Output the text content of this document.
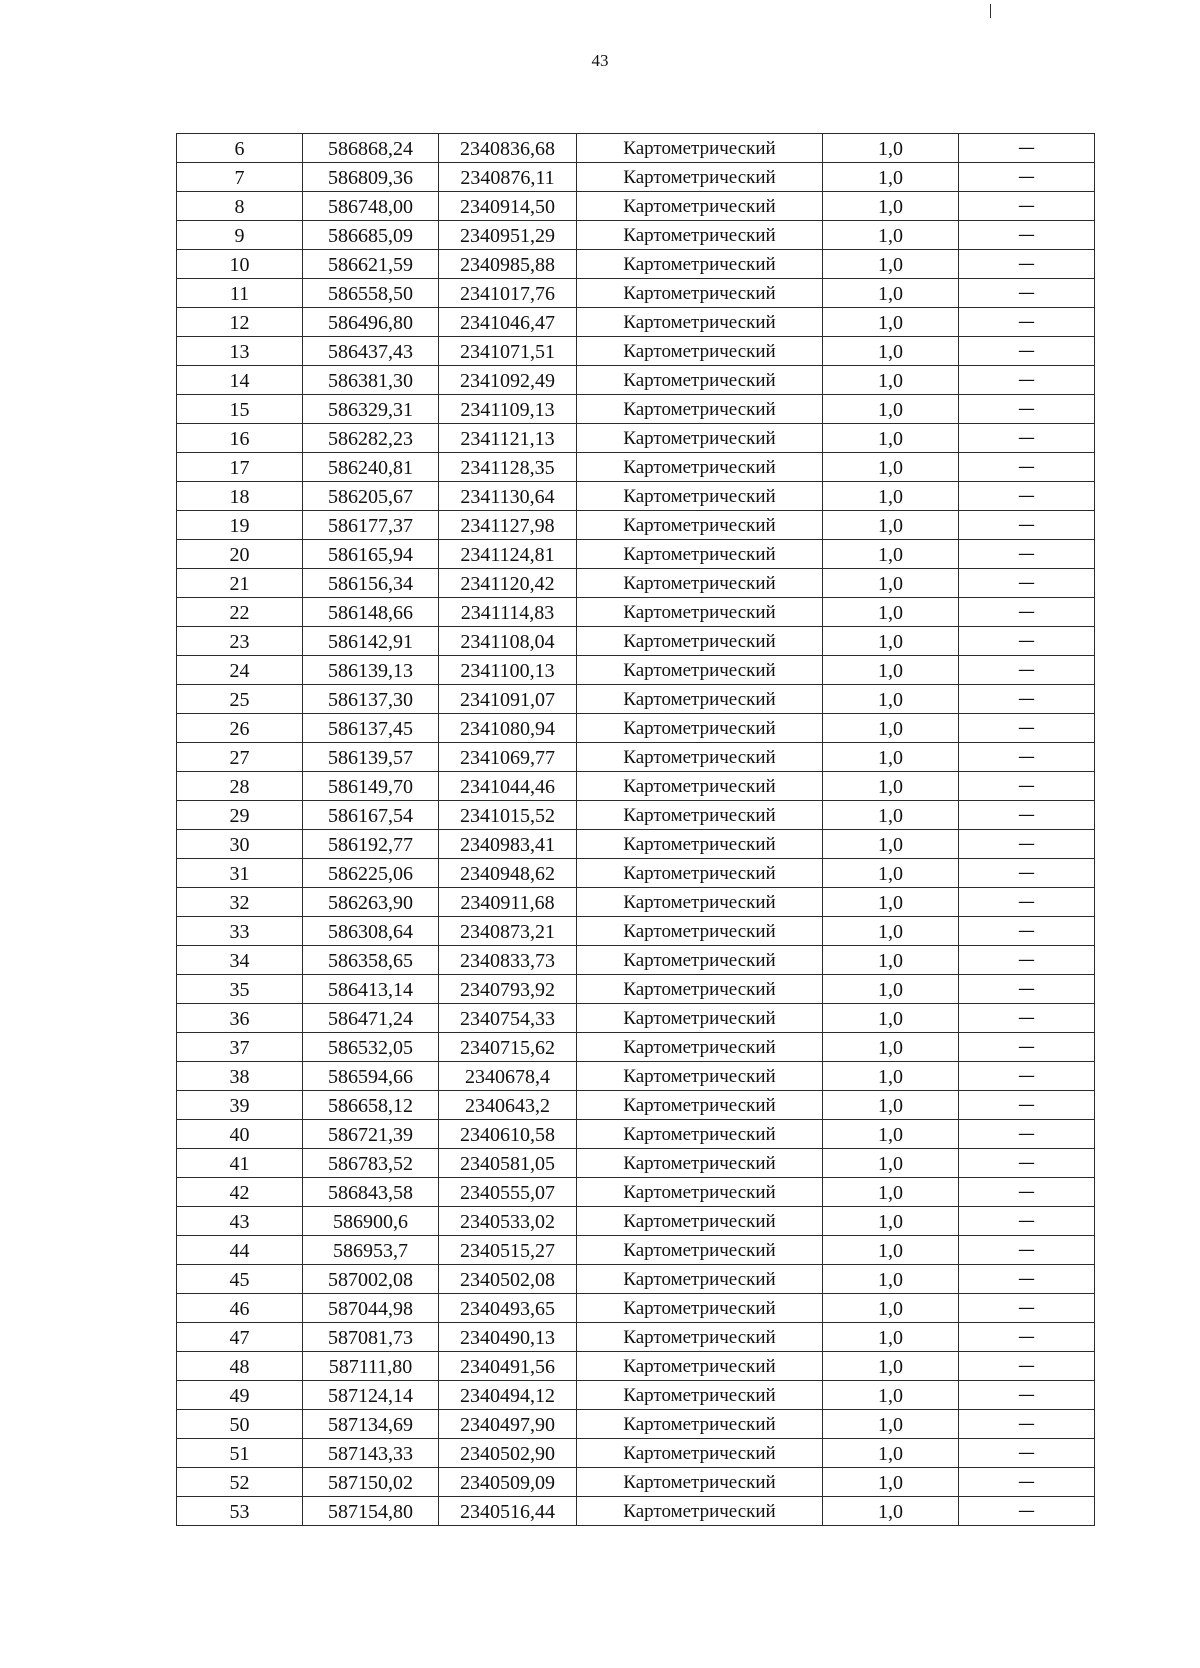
43
6	586868,24	2340836,68	Картометрический	1,0	—
7	586809,36	2340876,11	Картометрический	1,0	—
8	586748,00	2340914,50	Картометрический	1,0	—
9	586685,09	2340951,29	Картометрический	1,0	—
10	586621,59	2340985,88	Картометрический	1,0	—
11	586558,50	2341017,76	Картометрический	1,0	—
12	586496,80	2341046,47	Картометрический	1,0	—
13	586437,43	2341071,51	Картометрический	1,0	—
14	586381,30	2341092,49	Картометрический	1,0	—
15	586329,31	2341109,13	Картометрический	1,0	—
16	586282,23	2341121,13	Картометрический	1,0	—
17	586240,81	2341128,35	Картометрический	1,0	—
18	586205,67	2341130,64	Картометрический	1,0	—
19	586177,37	2341127,98	Картометрический	1,0	—
20	586165,94	2341124,81	Картометрический	1,0	—
21	586156,34	2341120,42	Картометрический	1,0	—
22	586148,66	2341114,83	Картометрический	1,0	—
23	586142,91	2341108,04	Картометрический	1,0	—
24	586139,13	2341100,13	Картометрический	1,0	—
25	586137,30	2341091,07	Картометрический	1,0	—
26	586137,45	2341080,94	Картометрический	1,0	—
27	586139,57	2341069,77	Картометрический	1,0	—
28	586149,70	2341044,46	Картометрический	1,0	—
29	586167,54	2341015,52	Картометрический	1,0	—
30	586192,77	2340983,41	Картометрический	1,0	—
31	586225,06	2340948,62	Картометрический	1,0	—
32	586263,90	2340911,68	Картометрический	1,0	—
33	586308,64	2340873,21	Картометрический	1,0	—
34	586358,65	2340833,73	Картометрический	1,0	—
35	586413,14	2340793,92	Картометрический	1,0	—
36	586471,24	2340754,33	Картометрический	1,0	—
37	586532,05	2340715,62	Картометрический	1,0	—
38	586594,66	2340678,4	Картометрический	1,0	—
39	586658,12	2340643,2	Картометрический	1,0	—
40	586721,39	2340610,58	Картометрический	1,0	—
41	586783,52	2340581,05	Картометрический	1,0	—
42	586843,58	2340555,07	Картометрический	1,0	—
43	586900,6	2340533,02	Картометрический	1,0	—
44	586953,7	2340515,27	Картометрический	1,0	—
45	587002,08	2340502,08	Картометрический	1,0	—
46	587044,98	2340493,65	Картометрический	1,0	—
47	587081,73	2340490,13	Картометрический	1,0	—
48	587111,80	2340491,56	Картометрический	1,0	—
49	587124,14	2340494,12	Картометрический	1,0	—
50	587134,69	2340497,90	Картометрический	1,0	—
51	587143,33	2340502,90	Картометрический	1,0	—
52	587150,02	2340509,09	Картометрический	1,0	—
53	587154,80	2340516,44	Картометрический	1,0	—
